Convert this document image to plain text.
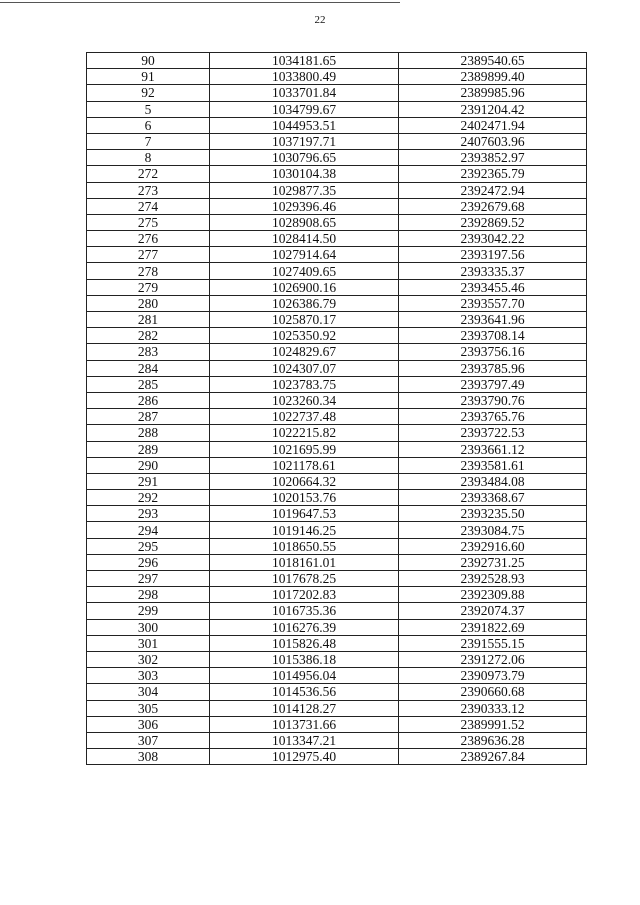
22
90	1034181.65	2389540.65
91	1033800.49	2389899.40
92	1033701.84	2389985.96
5	1034799.67	2391204.42
6	1044953.51	2402471.94
7	1037197.71	2407603.96
8	1030796.65	2393852.97
272	1030104.38	2392365.79
273	1029877.35	2392472.94
274	1029396.46	2392679.68
275	1028908.65	2392869.52
276	1028414.50	2393042.22
277	1027914.64	2393197.56
278	1027409.65	2393335.37
279	1026900.16	2393455.46
280	1026386.79	2393557.70
281	1025870.17	2393641.96
282	1025350.92	2393708.14
283	1024829.67	2393756.16
284	1024307.07	2393785.96
285	1023783.75	2393797.49
286	1023260.34	2393790.76
287	1022737.48	2393765.76
288	1022215.82	2393722.53
289	1021695.99	2393661.12
290	1021178.61	2393581.61
291	1020664.32	2393484.08
292	1020153.76	2393368.67
293	1019647.53	2393235.50
294	1019146.25	2393084.75
295	1018650.55	2392916.60
296	1018161.01	2392731.25
297	1017678.25	2392528.93
298	1017202.83	2392309.88
299	1016735.36	2392074.37
300	1016276.39	2391822.69
301	1015826.48	2391555.15
302	1015386.18	2391272.06
303	1014956.04	2390973.79
304	1014536.56	2390660.68
305	1014128.27	2390333.12
306	1013731.66	2389991.52
307	1013347.21	2389636.28
308	1012975.40	2389267.84
